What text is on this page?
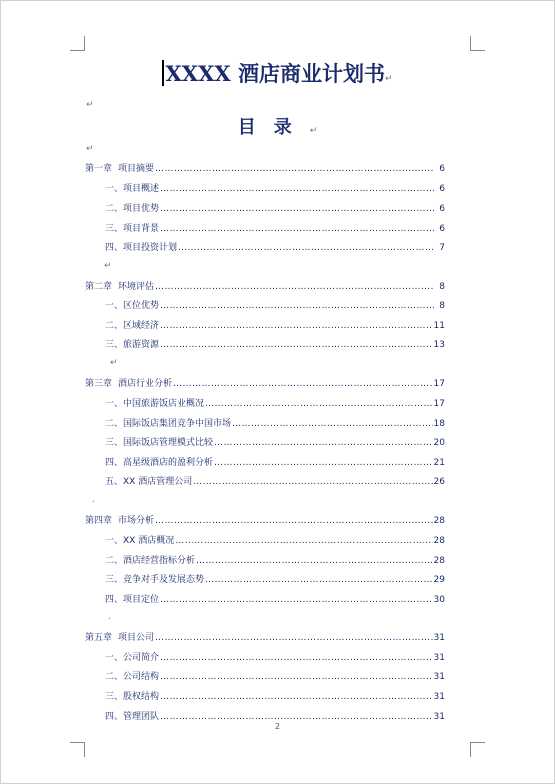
XXXX 酒店商业计划书↵
↵
目录↵
↵
↵
↵
.
.
第一章 项目摘要 ……………………………………………………………………………………………………………………………………………………	6
一、项目概述 ……………………………………………………………………………………………………………………………………………………	6
二、项目优势 ……………………………………………………………………………………………………………………………………………………	6
三、项目背景 ……………………………………………………………………………………………………………………………………………………	6
四、项目投资计划 ……………………………………………………………………………………………………………………………………………………	7
第二章 环境评估 ……………………………………………………………………………………………………………………………………………………	8
一、区位优势 ……………………………………………………………………………………………………………………………………………………	8
二、区域经济 ……………………………………………………………………………………………………………………………………………………	11
三、旅游资源 ……………………………………………………………………………………………………………………………………………………	13
第三章 酒店行业分析 ……………………………………………………………………………………………………………………………………………………	17
一、中国旅游饭店业概况 ……………………………………………………………………………………………………………………………………………………	17
二、国际饭店集团竞争中国市场 ……………………………………………………………………………………………………………………………………………………	18
三、国际饭店管理模式比较 ……………………………………………………………………………………………………………………………………………………	20
四、高星级酒店的盈利分析 ……………………………………………………………………………………………………………………………………………………	21
五、XX 酒店管理公司 ……………………………………………………………………………………………………………………………………………………	26
第四章 市场分析 ……………………………………………………………………………………………………………………………………………………	28
一、XX 酒店概况 ……………………………………………………………………………………………………………………………………………………	28
二、酒店经营指标分析 ……………………………………………………………………………………………………………………………………………………	28
三、竞争对手及发展态势 ……………………………………………………………………………………………………………………………………………………	29
四、项目定位 ……………………………………………………………………………………………………………………………………………………	30
第五章 项目公司 ……………………………………………………………………………………………………………………………………………………	31
一、公司简介 ……………………………………………………………………………………………………………………………………………………	31
二、公司结构 ……………………………………………………………………………………………………………………………………………………	31
三、股权结构 ……………………………………………………………………………………………………………………………………………………	31
四、管理团队 ……………………………………………………………………………………………………………………………………………………	31
2
